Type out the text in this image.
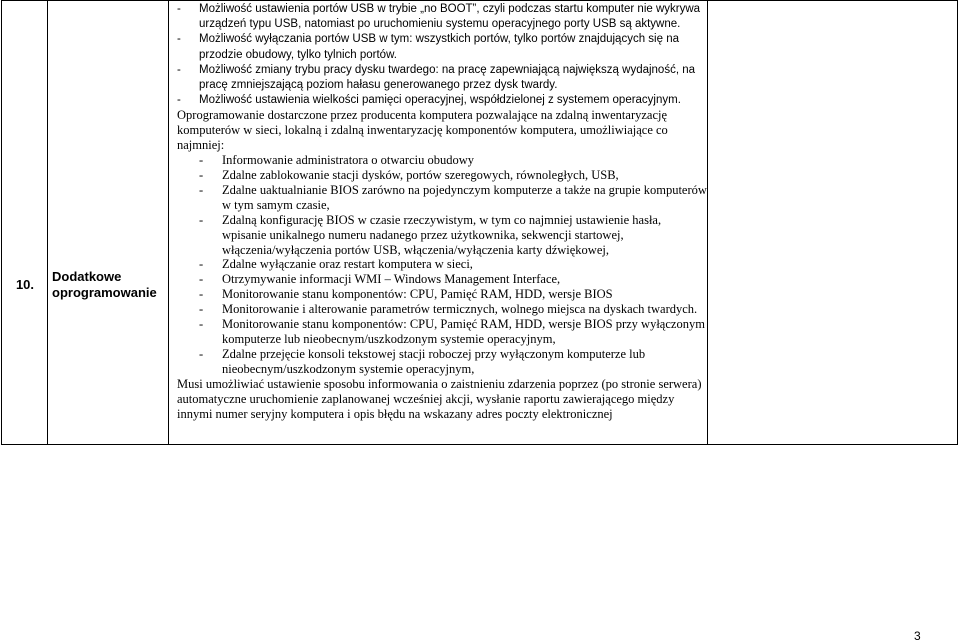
10.
Dodatkowe
oprogramowanie
- Możliwość ustawienia portów USB w trybie „no BOOT”, czyli podczas startu komputer nie wykrywa urządzeń typu USB, natomiast po uruchomieniu systemu operacyjnego porty USB są aktywne.
- Możliwość wyłączania portów USB w tym: wszystkich portów, tylko portów znajdujących się na przodzie obudowy, tylko tylnich portów.
- Możliwość zmiany trybu pracy dysku twardego: na pracę zapewniającą największą wydajność, na pracę zmniejszającą poziom hałasu generowanego przez dysk twardy.
- Możliwość ustawienia wielkości pamięci operacyjnej, współdzielonej z systemem operacyjnym.
Oprogramowanie dostarczone przez producenta komputera pozwalające na zdalną inwentaryzację komputerów w sieci, lokalną i zdalną inwentaryzację komponentów komputera, umożliwiające co najmniej:
- Informowanie administratora o otwarciu obudowy
- Zdalne zablokowanie stacji dysków, portów szeregowych, równoległych, USB,
- Zdalne uaktualnianie BIOS zarówno na pojedynczym komputerze a także na grupie komputerów w tym samym czasie,
- Zdalną konfigurację BIOS w czasie rzeczywistym, w tym co najmniej ustawienie hasła, wpisanie unikalnego numeru nadanego przez użytkownika, sekwencji startowej, włączenia/wyłączenia portów USB, włączenia/wyłączenia karty dźwiękowej,
- Zdalne wyłączanie oraz restart komputera w sieci,
- Otrzymywanie informacji WMI – Windows Management Interface,
- Monitorowanie stanu komponentów: CPU, Pamięć RAM, HDD, wersje BIOS
- Monitorowanie i alterowanie parametrów termicznych, wolnego miejsca na dyskach twardych.
- Monitorowanie stanu komponentów: CPU, Pamięć RAM, HDD, wersje BIOS przy wyłączonym komputerze lub nieobecnym/uszkodzonym systemie operacyjnym,
- Zdalne przejęcie konsoli tekstowej stacji roboczej przy wyłączonym komputerze lub nieobecnym/uszkodzonym systemie operacyjnym,
Musi umożliwiać ustawienie sposobu informowania o zaistnieniu zdarzenia poprzez (po stronie serwera) automatyczne uruchomienie zaplanowanej wcześniej akcji, wysłanie raportu zawierającego między innymi numer seryjny komputera i opis błędu na wskazany adres poczty elektronicznej
3
